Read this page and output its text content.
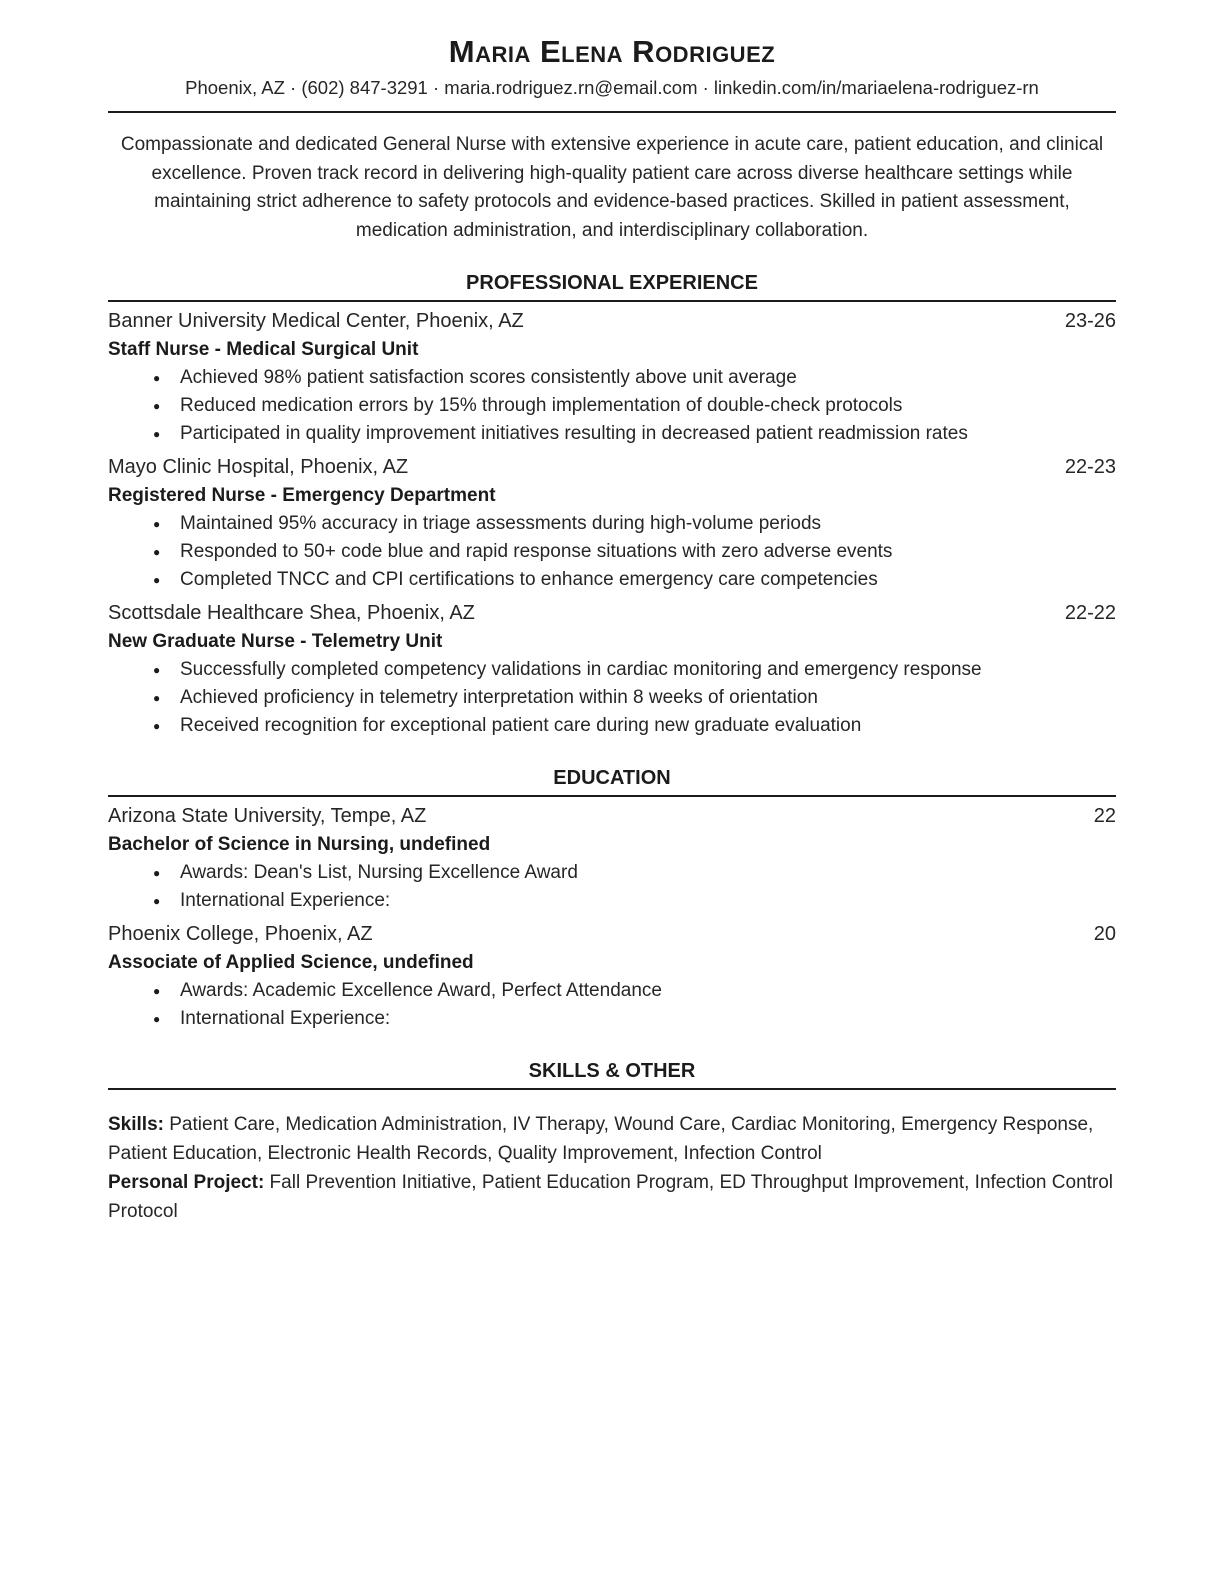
Maria Elena Rodriguez
Phoenix, AZ · (602) 847-3291 · maria.rodriguez.rn@email.com · linkedin.com/in/mariaelena-rodriguez-rn

Compassionate and dedicated General Nurse with extensive experience in acute care, patient education, and clinical excellence. Proven track record in delivering high-quality patient care across diverse healthcare settings while maintaining strict adherence to safety protocols and evidence-based practices. Skilled in patient assessment, medication administration, and interdisciplinary collaboration.

PROFESSIONAL EXPERIENCE
Banner University Medical Center, Phoenix, AZ	23-26
Staff Nurse - Medical Surgical Unit
● Achieved 98% patient satisfaction scores consistently above unit average
● Reduced medication errors by 15% through implementation of double-check protocols
● Participated in quality improvement initiatives resulting in decreased patient readmission rates
Mayo Clinic Hospital, Phoenix, AZ	22-23
Registered Nurse - Emergency Department
● Maintained 95% accuracy in triage assessments during high-volume periods
● Responded to 50+ code blue and rapid response situations with zero adverse events
● Completed TNCC and CPI certifications to enhance emergency care competencies
Scottsdale Healthcare Shea, Phoenix, AZ	22-22
New Graduate Nurse - Telemetry Unit
● Successfully completed competency validations in cardiac monitoring and emergency response
● Achieved proficiency in telemetry interpretation within 8 weeks of orientation
● Received recognition for exceptional patient care during new graduate evaluation
EDUCATION
Arizona State University, Tempe, AZ	22
Bachelor of Science in Nursing, undefined
● Awards: Dean's List, Nursing Excellence Award
● International Experience:
Phoenix College, Phoenix, AZ	20
Associate of Applied Science, undefined
● Awards: Academic Excellence Award, Perfect Attendance
● International Experience:
SKILLS & OTHER
Skills: Patient Care, Medication Administration, IV Therapy, Wound Care, Cardiac Monitoring, Emergency Response, Patient Education, Electronic Health Records, Quality Improvement, Infection Control
Personal Project: Fall Prevention Initiative, Patient Education Program, ED Throughput Improvement, Infection Control Protocol
